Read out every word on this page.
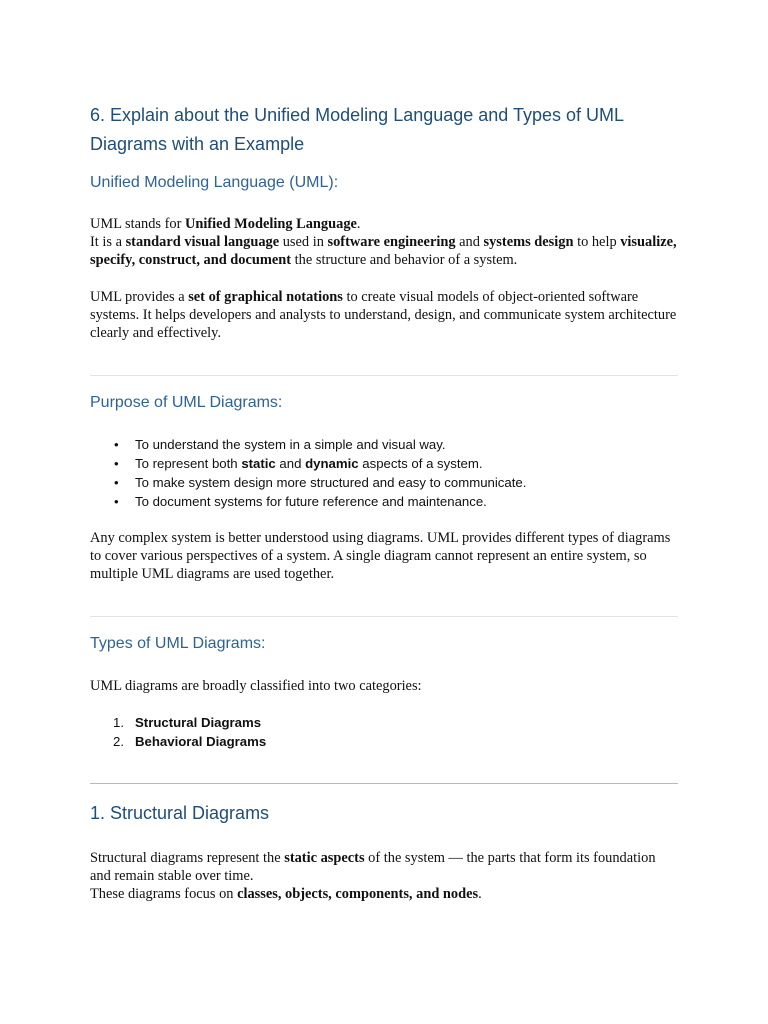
6. Explain about the Unified Modeling Language and Types of UML Diagrams with an Example
Unified Modeling Language (UML):

UML stands for Unified Modeling Language.
It is a standard visual language used in software engineering and systems design to help visualize, specify, construct, and document the structure and behavior of a system.

UML provides a set of graphical notations to create visual models of object-oriented software systems. It helps developers and analysts to understand, design, and communicate system architecture clearly and effectively.

Purpose of UML Diagrams:
• To understand the system in a simple and visual way.
• To represent both static and dynamic aspects of a system.
• To make system design more structured and easy to communicate.
• To document systems for future reference and maintenance.

Any complex system is better understood using diagrams. UML provides different types of diagrams to cover various perspectives of a system. A single diagram cannot represent an entire system, so multiple UML diagrams are used together.

Types of UML Diagrams:

UML diagrams are broadly classified into two categories:

1. Structural Diagrams
2. Behavioral Diagrams
1. Structural Diagrams

Structural diagrams represent the static aspects of the system — the parts that form its foundation and remain stable over time.
These diagrams focus on classes, objects, components, and nodes.
